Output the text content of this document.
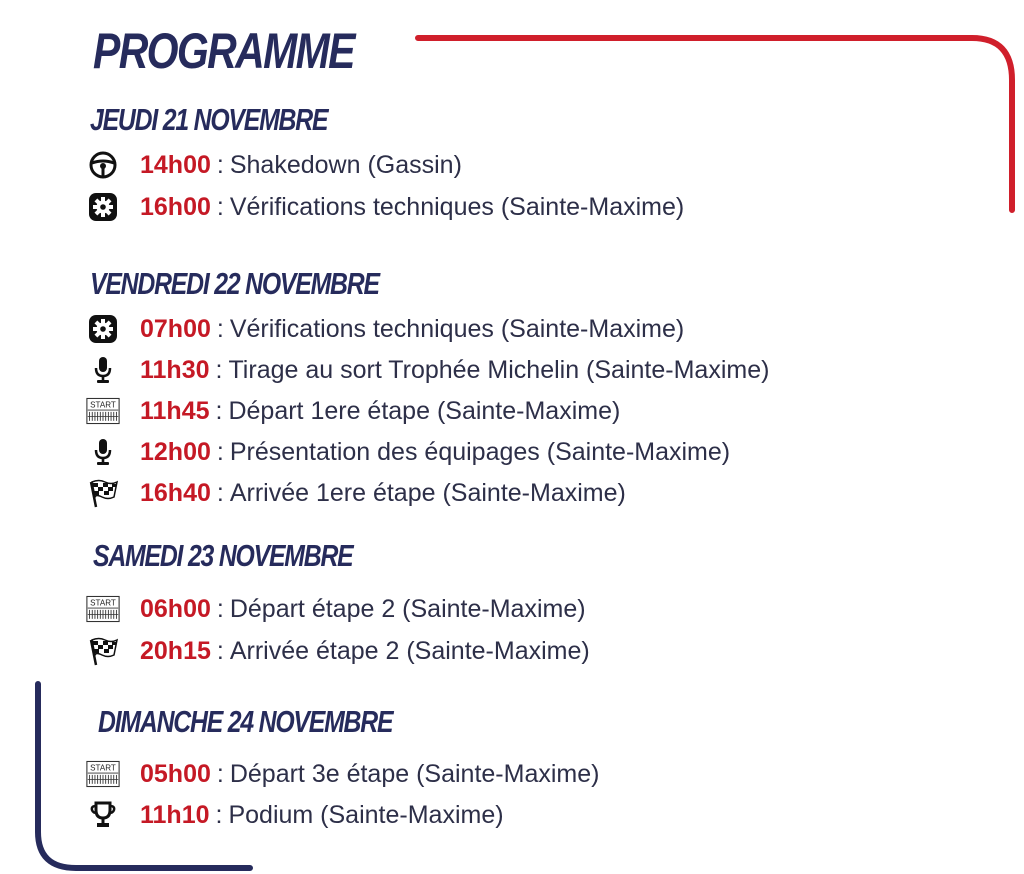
PROGRAMME
JEUDI 21 NOVEMBRE
14h00 : Shakedown (Gassin)
16h00 : Vérifications techniques (Sainte-Maxime)
VENDREDI 22 NOVEMBRE
07h00 : Vérifications techniques (Sainte-Maxime)
11h30 : Tirage au sort Trophée Michelin (Sainte-Maxime)
START 11h45 : Départ 1ere étape (Sainte-Maxime)
12h00 : Présentation des équipages (Sainte-Maxime)
16h40 : Arrivée 1ere étape (Sainte-Maxime)
SAMEDI 23 NOVEMBRE
START 06h00 : Départ étape 2 (Sainte-Maxime)
20h15 : Arrivée étape 2 (Sainte-Maxime)
DIMANCHE 24 NOVEMBRE
START 05h00 : Départ 3e étape (Sainte-Maxime)
11h10 : Podium (Sainte-Maxime)
